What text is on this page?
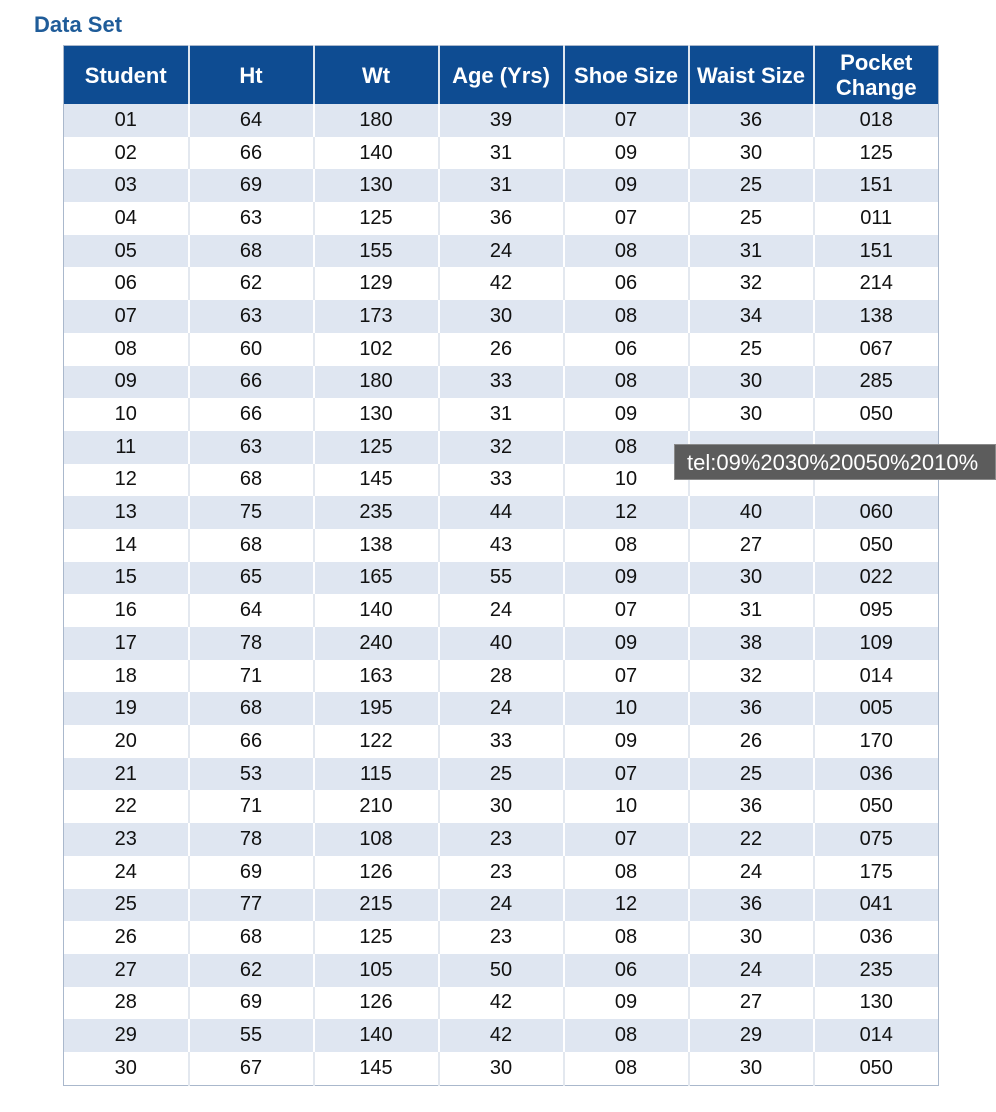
Data Set
Student	Ht	Wt	Age (Yrs)	Shoe Size	Waist Size	Pocket Change
01	64	180	39	07	36	018
02	66	140	31	09	30	125
03	69	130	31	09	25	151
04	63	125	36	07	25	011
05	68	155	24	08	31	151
06	62	129	42	06	32	214
07	63	173	30	08	34	138
08	60	102	26	06	25	067
09	66	180	33	08	30	285
10	66	130	31	09	30	050
11	63	125	32	08		
12	68	145	33	10		
13	75	235	44	12	40	060
14	68	138	43	08	27	050
15	65	165	55	09	30	022
16	64	140	24	07	31	095
17	78	240	40	09	38	109
18	71	163	28	07	32	014
19	68	195	24	10	36	005
20	66	122	33	09	26	170
21	53	115	25	07	25	036
22	71	210	30	10	36	050
23	78	108	23	07	22	075
24	69	126	23	08	24	175
25	77	215	24	12	36	041
26	68	125	23	08	30	036
27	62	105	50	06	24	235
28	69	126	42	09	27	130
29	55	140	42	08	29	014
30	67	145	30	08	30	050
tel:09%2030%20050%2010%
